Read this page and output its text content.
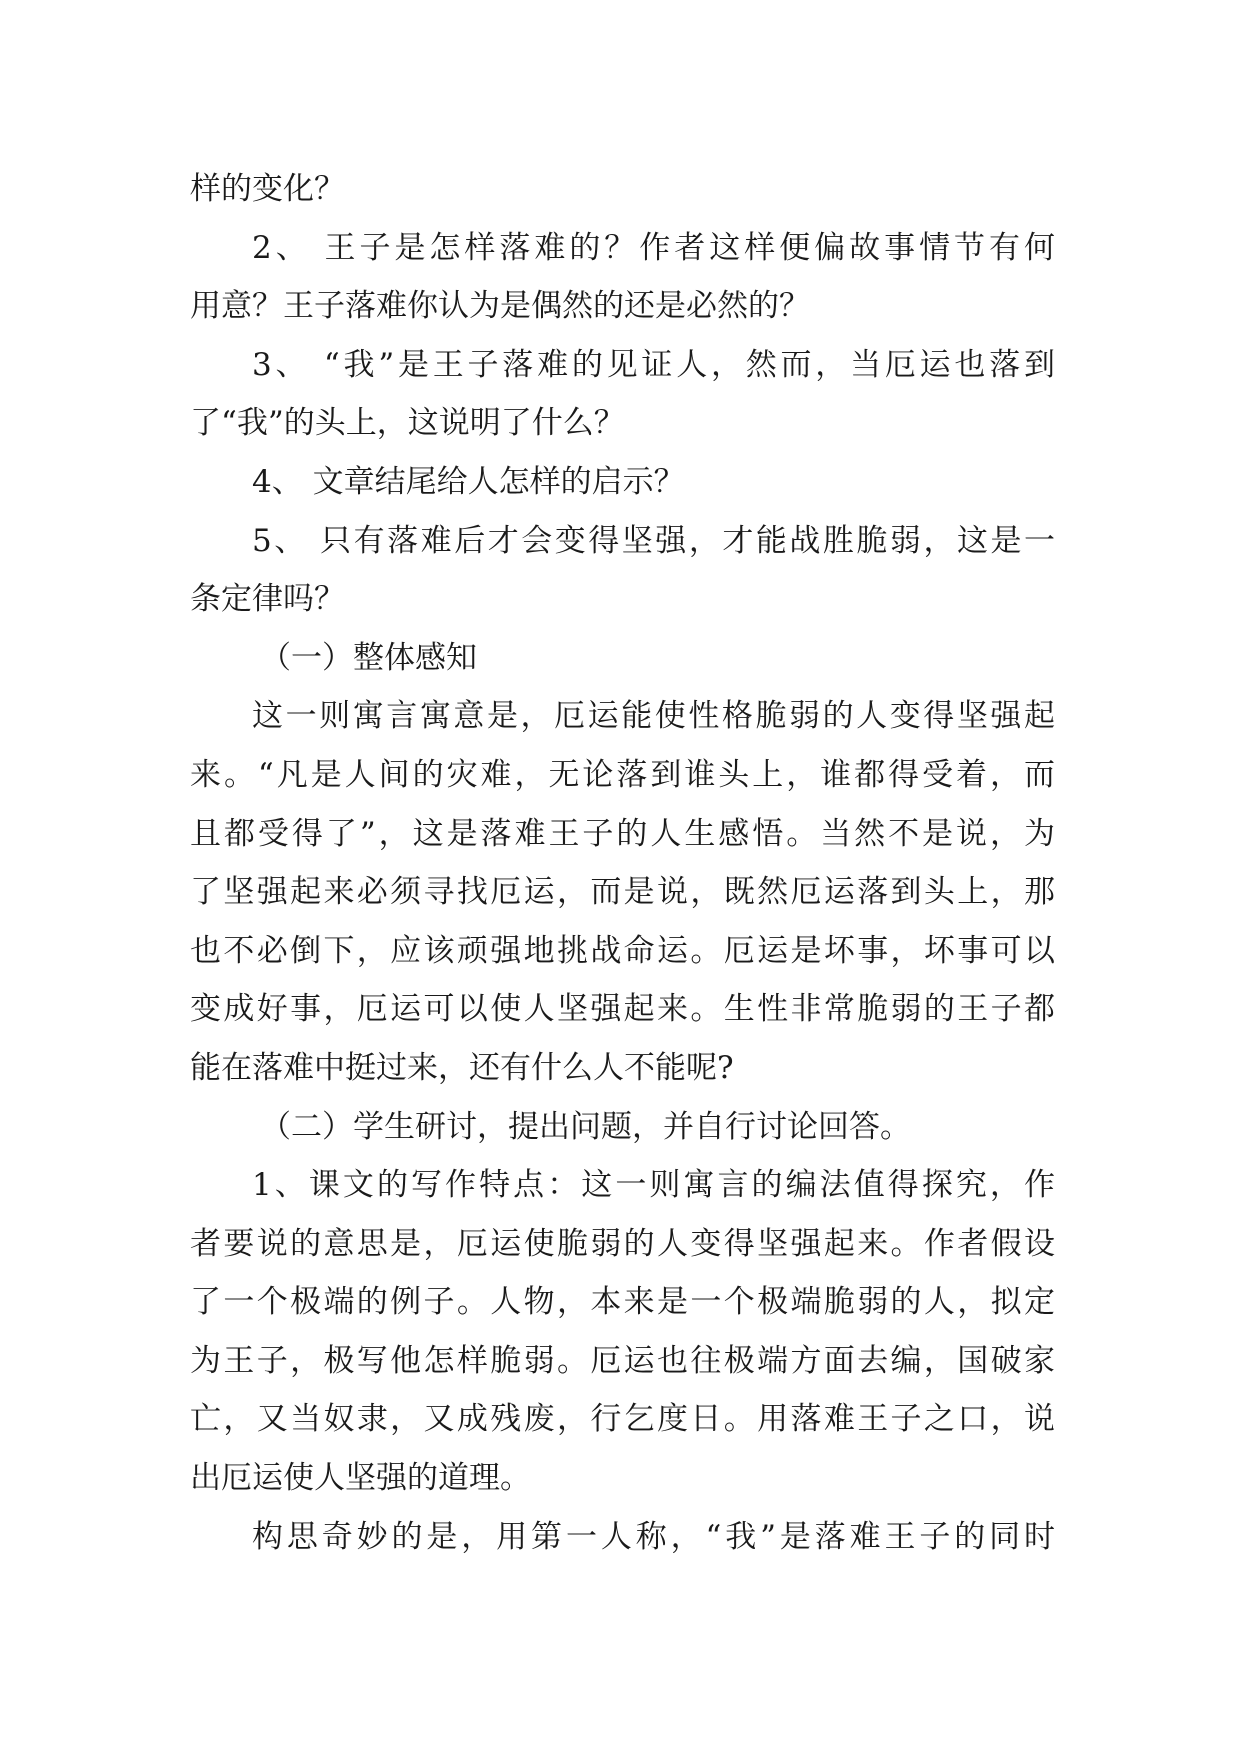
样的变化？
2、 王子是怎样落难的？作者这样便偏故事情节有何
用意？王子落难你认为是偶然的还是必然的？
3、 “我”是王子落难的见证人，然而，当厄运也落到
了“我”的头上，这说明了什么？
4、 文章结尾给人怎样的启示？
5、 只有落难后才会变得坚强，才能战胜脆弱，这是一
条定律吗？
（一）整体感知
这一则寓言寓意是，厄运能使性格脆弱的人变得坚强起
来。“凡是人间的灾难，无论落到谁头上，谁都得受着，而
且都受得了”，这是落难王子的人生感悟。当然不是说，为
了坚强起来必须寻找厄运，而是说，既然厄运落到头上，那
也不必倒下，应该顽强地挑战命运。厄运是坏事，坏事可以
变成好事，厄运可以使人坚强起来。生性非常脆弱的王子都
能在落难中挺过来，还有什么人不能呢?
（二）学生研讨，提出问题，并自行讨论回答。
1、课文的写作特点：这一则寓言的编法值得探究，作
者要说的意思是，厄运使脆弱的人变得坚强起来。作者假设
了一个极端的例子。人物，本来是一个极端脆弱的人，拟定
为王子，极写他怎样脆弱。厄运也往极端方面去编，国破家
亡，又当奴隶，又成残废，行乞度日。用落难王子之口，说
出厄运使人坚强的道理。
构思奇妙的是，用第一人称，“我”是落难王子的同时
